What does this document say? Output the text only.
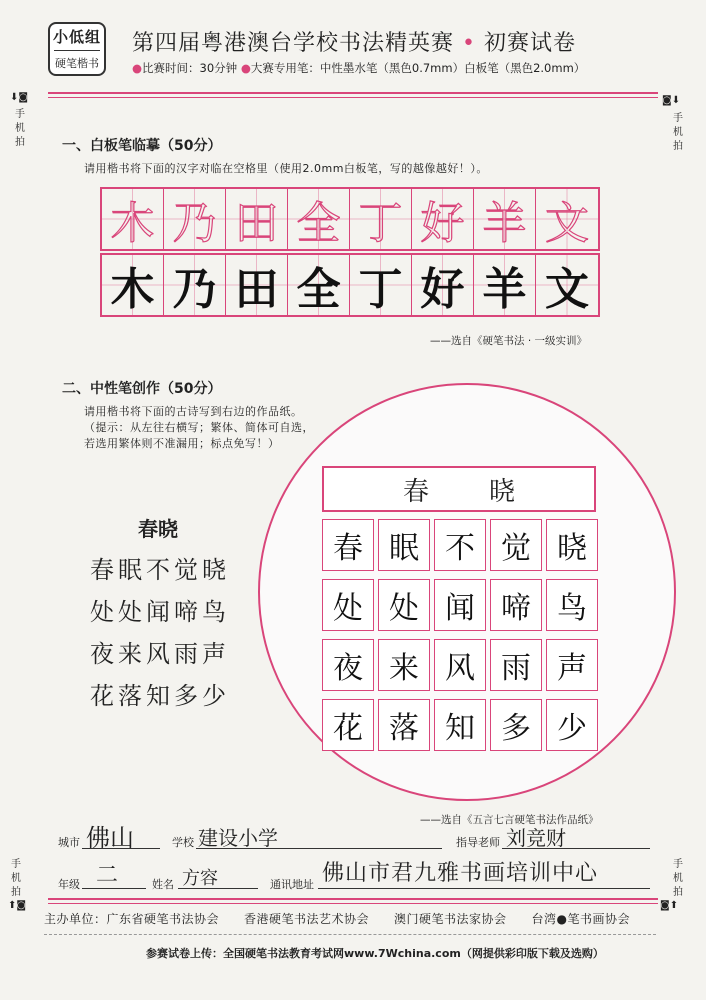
小低组
硬笔楷书
第四届粤港澳台学校书法精英赛 • 初赛试卷
●比赛时间：30分钟 ●大赛专用笔：中性墨水笔（黑色0.7mm）白板笔（黑色2.0mm）
⬇◙
手机拍
◙⬇
手机拍
手机拍
⬆◙
手机拍
◙⬆
一、白板笔临摹（50分）
请用楷书将下面的汉字对临在空格里（使用2.0mm白板笔，写的越像越好！）。
木 乃 田 全 丁 好 羊 文
木 乃 田 全 丁 好 羊 文
——选自《硬笔书法 · 一级实训》
二、中性笔创作（50分）
请用楷书将下面的古诗写到右边的作品纸。
（提示：从左往右横写；繁体、简体可自选，
若选用繁体则不准漏用；标点免写！）
春晓
春眠不觉晓
处处闻啼鸟
夜来风雨声
花落知多少
春晓
春 眠 不 觉 晓
处 处 闻 啼 鸟
夜 来 风 雨 声
花 落 知 多 少
——选自《五言七言硬笔书法作品纸》
城市 佛山	学校 建设小学	指导老师 刘竞财
年级 二	姓名 方容	通讯地址 佛山市君九雅书画培训中心
主办单位：广东省硬笔书法协会　　香港硬笔书法艺术协会　　澳门硬笔书法家协会　　台湾●笔书画协会
参赛试卷上传：全国硬笔书法教育考试网www.7Wchina.com（网提供彩印版下载及选购）
